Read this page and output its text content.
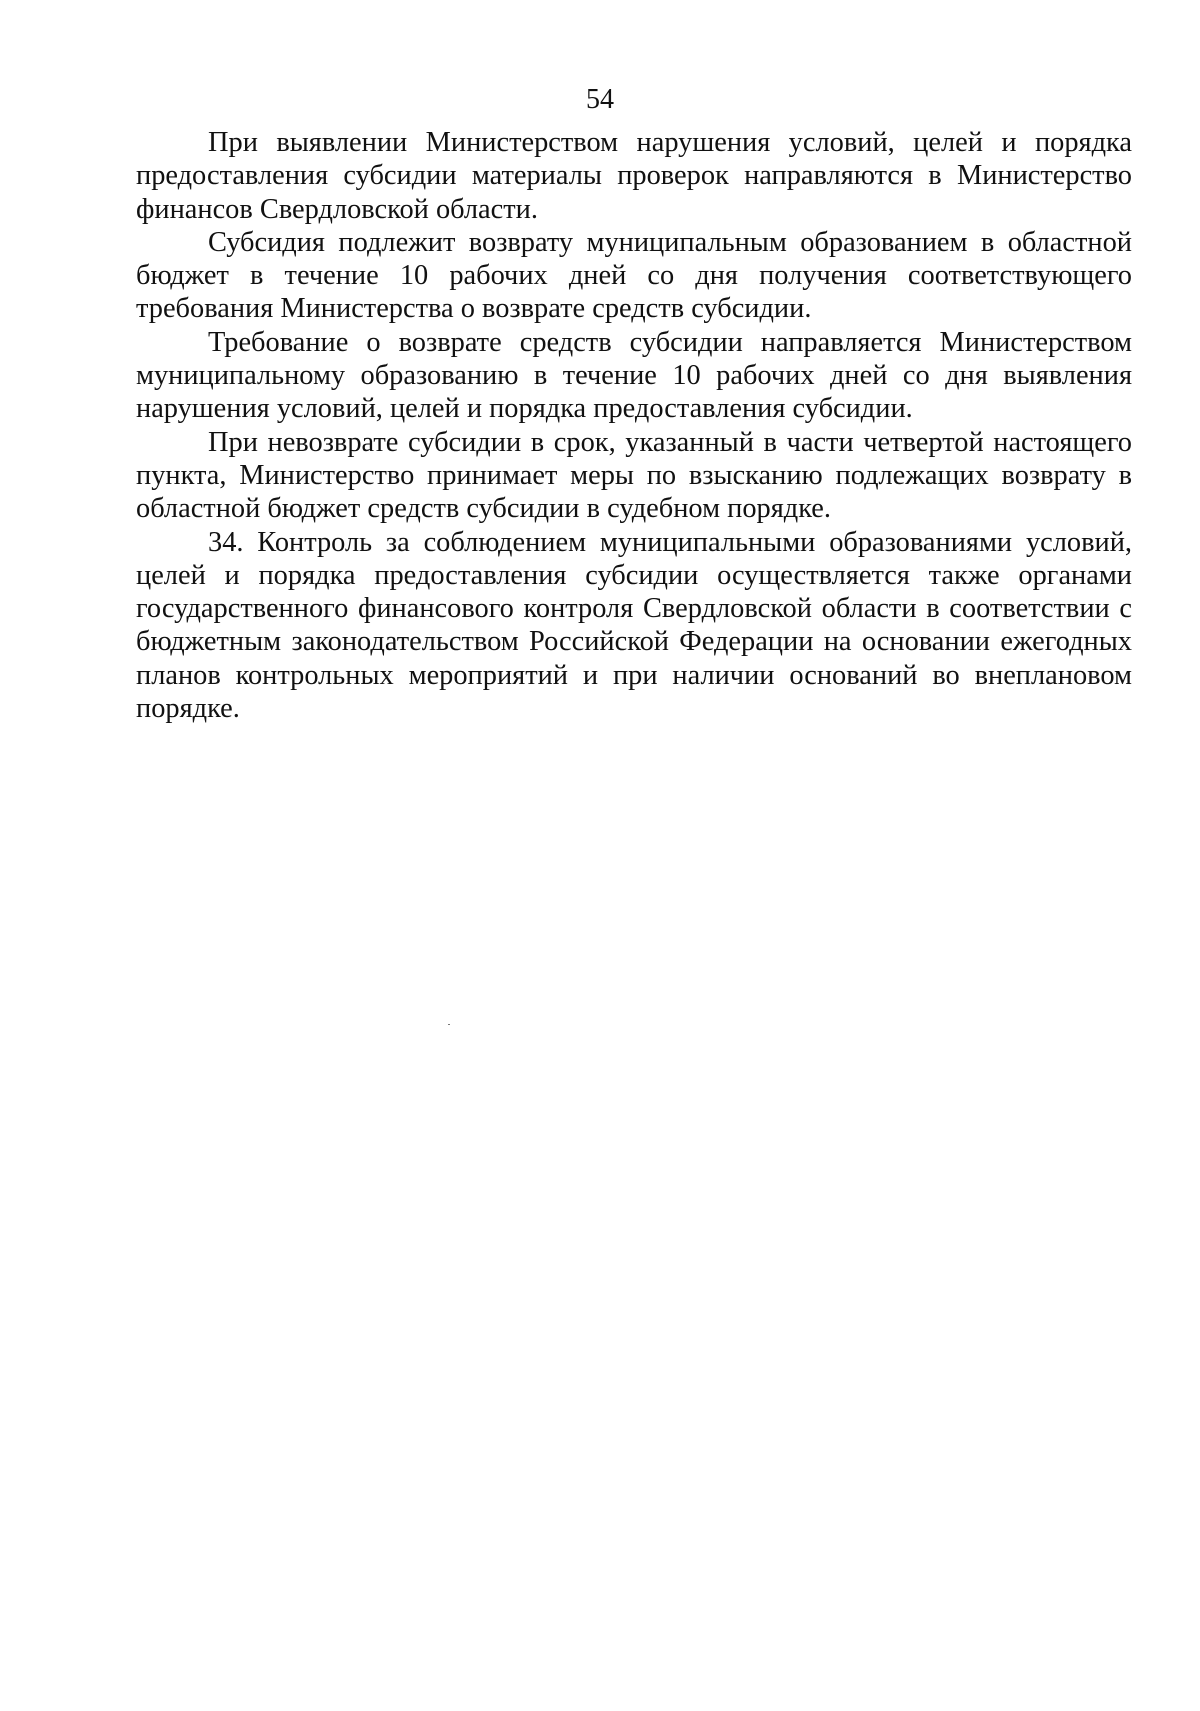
54

При выявлении Министерством нарушения условий, целей и порядка предоставления субсидии материалы проверок направляются в Министерство финансов Свердловской области.

Субсидия подлежит возврату муниципальным образованием в областной бюджет в течение 10 рабочих дней со дня получения соответствующего требования Министерства о возврате средств субсидии.

Требование о возврате средств субсидии направляется Министерством муниципальному образованию в течение 10 рабочих дней со дня выявления нарушения условий, целей и порядка предоставления субсидии.

При невозврате субсидии в срок, указанный в части четвертой настоящего пункта, Министерство принимает меры по взысканию подлежащих возврату в областной бюджет средств субсидии в судебном порядке.

34. Контроль за соблюдением муниципальными образованиями условий, целей и порядка предоставления субсидии осуществляется также органами государственного финансового контроля Свердловской области в соответствии с бюджетным законодательством Российской Федерации на основании ежегодных планов контрольных мероприятий и при наличии оснований во внеплановом порядке.
